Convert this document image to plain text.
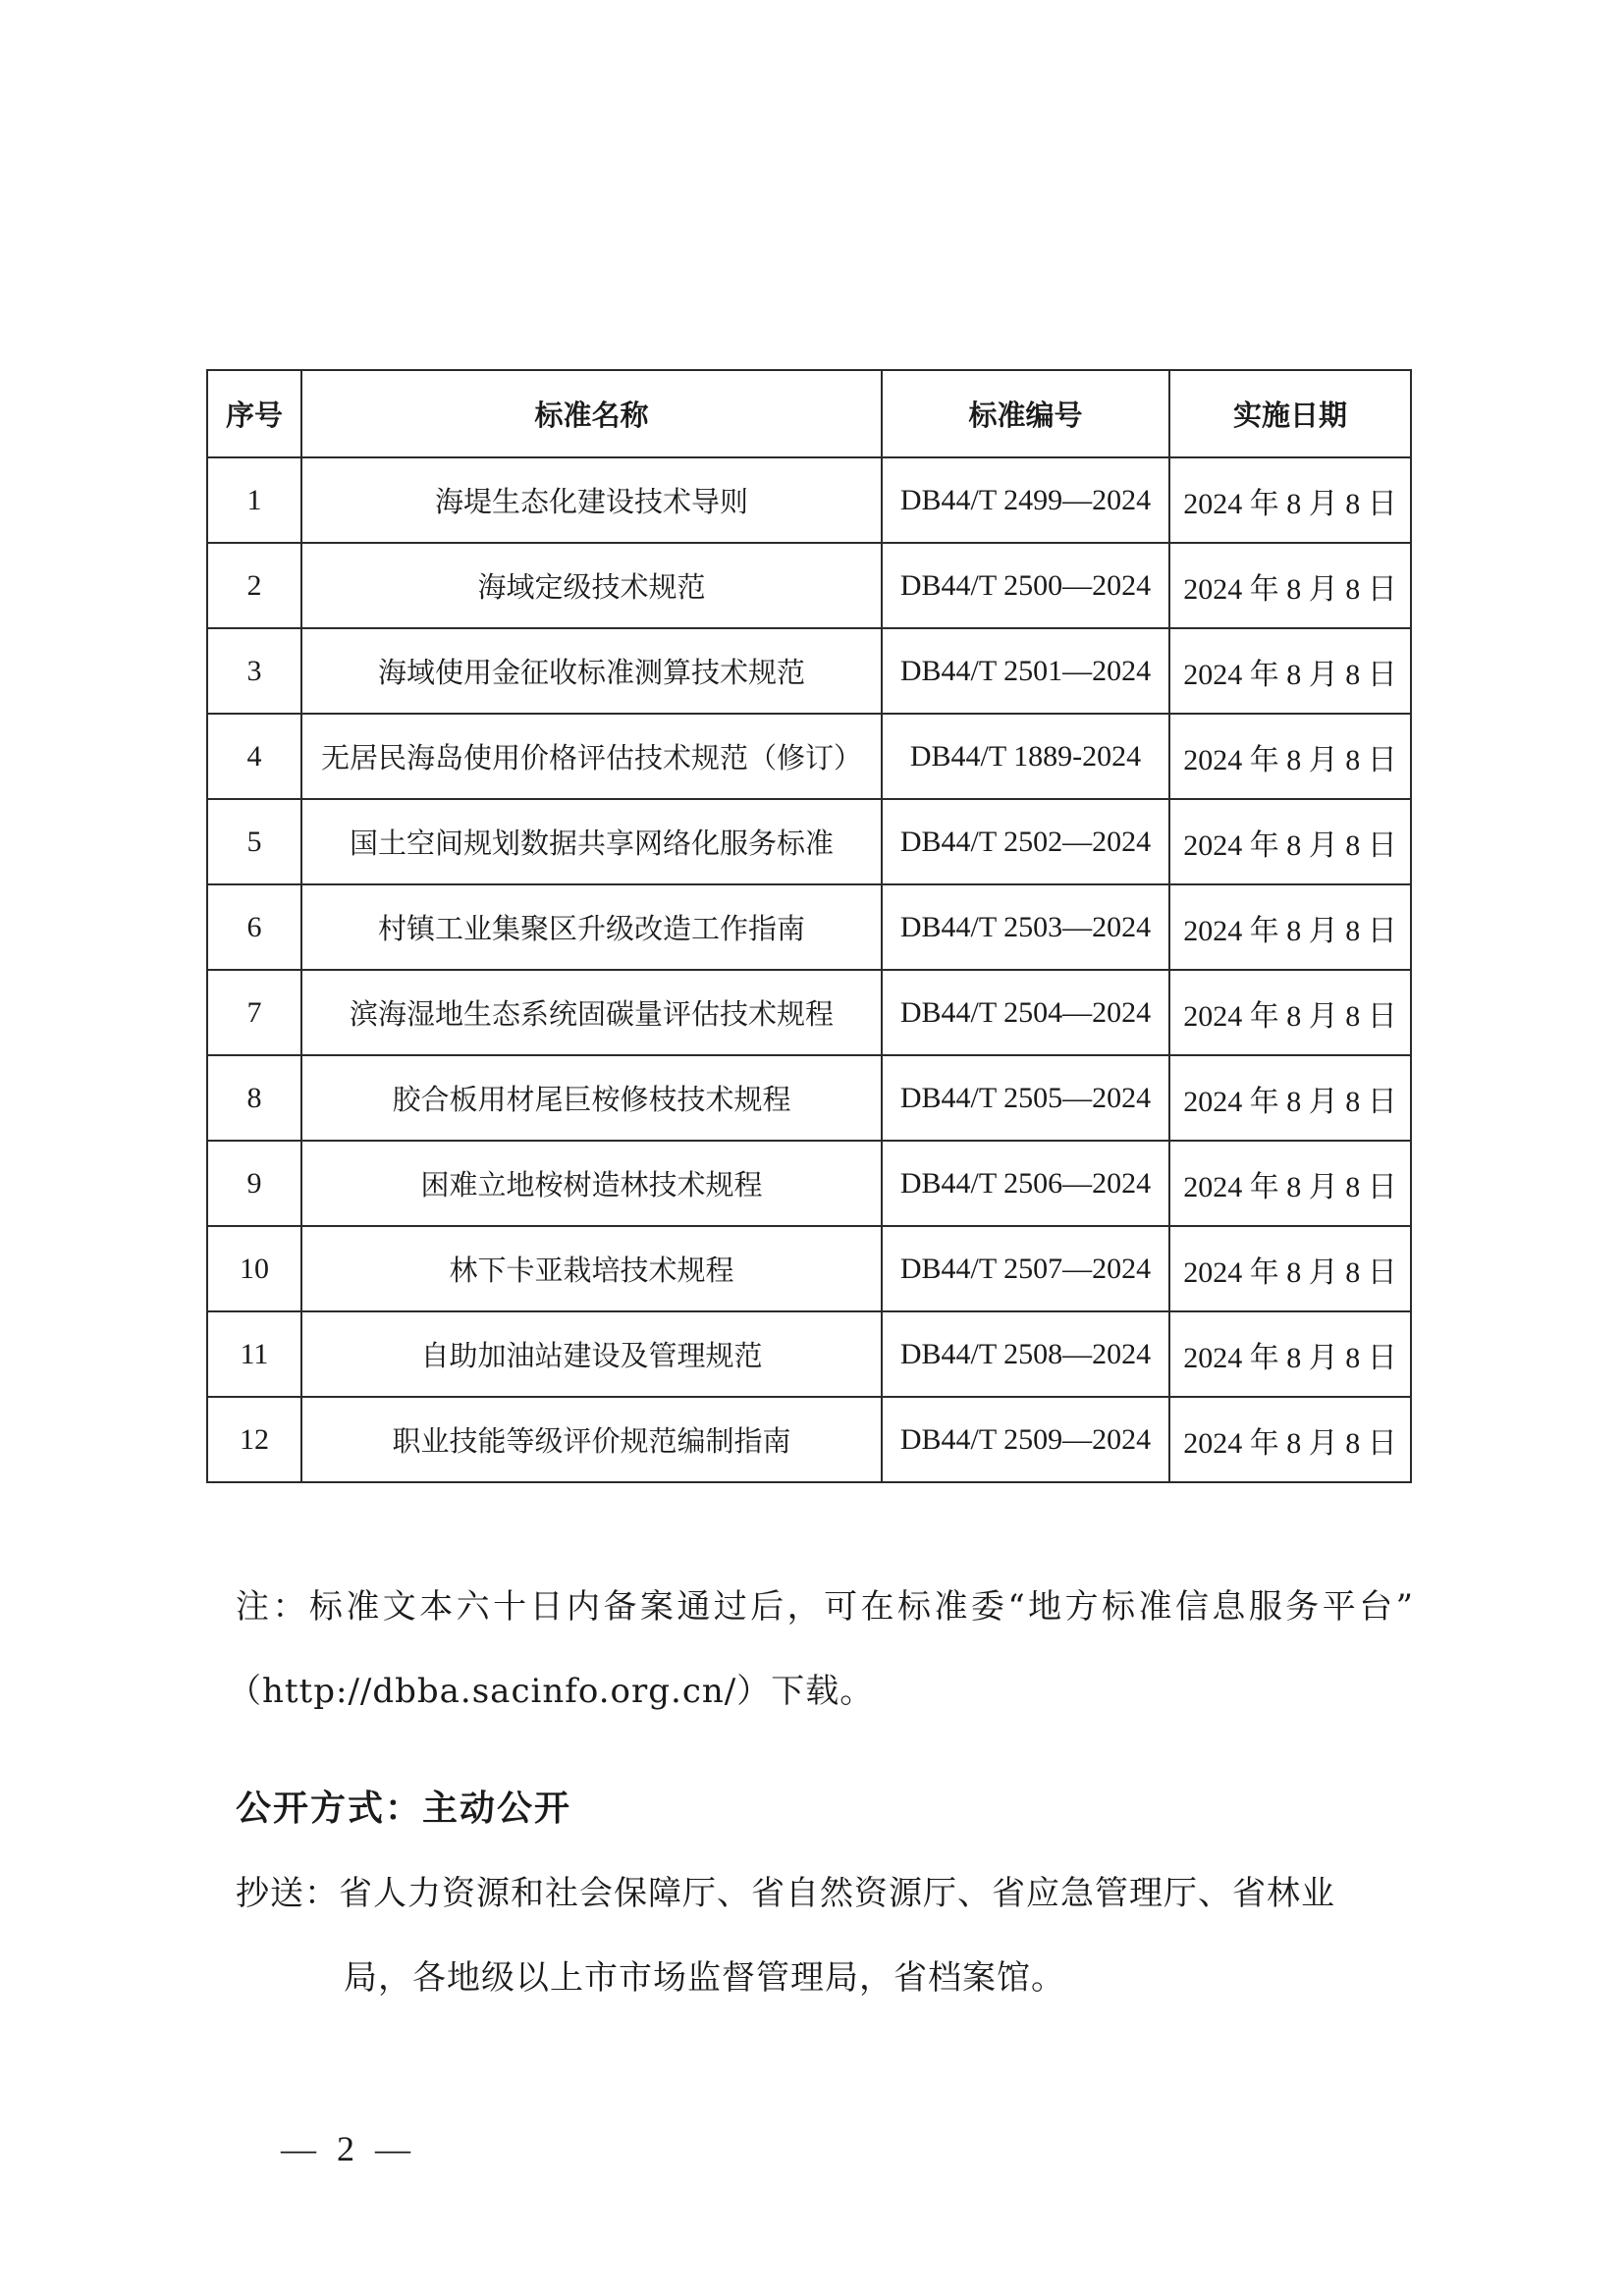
序号	标准名称	标准编号	实施日期
1	海堤生态化建设技术导则	DB44/T 2499—2024	2024 年 8 月 8 日
2	海域定级技术规范	DB44/T 2500—2024	2024 年 8 月 8 日
3	海域使用金征收标准测算技术规范	DB44/T 2501—2024	2024 年 8 月 8 日
4	无居民海岛使用价格评估技术规范（修订）	DB44/T 1889-2024	2024 年 8 月 8 日
5	国土空间规划数据共享网络化服务标准	DB44/T 2502—2024	2024 年 8 月 8 日
6	村镇工业集聚区升级改造工作指南	DB44/T 2503—2024	2024 年 8 月 8 日
7	滨海湿地生态系统固碳量评估技术规程	DB44/T 2504—2024	2024 年 8 月 8 日
8	胶合板用材尾巨桉修枝技术规程	DB44/T 2505—2024	2024 年 8 月 8 日
9	困难立地桉树造林技术规程	DB44/T 2506—2024	2024 年 8 月 8 日
10	林下卡亚栽培技术规程	DB44/T 2507—2024	2024 年 8 月 8 日
11	自助加油站建设及管理规范	DB44/T 2508—2024	2024 年 8 月 8 日
12	职业技能等级评价规范编制指南	DB44/T 2509—2024	2024 年 8 月 8 日
注：标准文本六十日内备案通过后，可在标准委“地方标准信息服务平台”
（http://dbba.sacinfo.org.cn/）下载。
公开方式：主动公开
抄送：省人力资源和社会保障厅、省自然资源厅、省应急管理厅、省林业
局，各地级以上市市场监督管理局，省档案馆。
— 2 —
